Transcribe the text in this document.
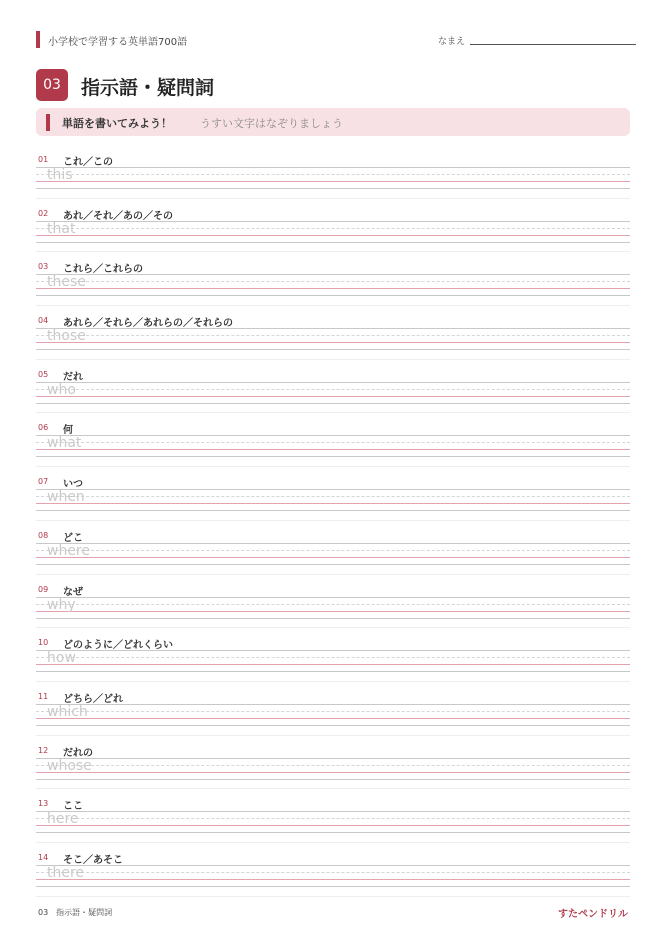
小学校で学習する英単語700語	なまえ
03	指示語・疑問詞
単語を書いてみよう！	うすい文字はなぞりましょう
01 これ／この
this
02 あれ／それ／あの／その
that
03 これら／これらの
these
04 あれら／それら／あれらの／それらの
those
05 だれ
who
06 何
what
07 いつ
when
08 どこ
where
09 なぜ
why
10 どのように／どれくらい
how
11 どちら／どれ
which
12 だれの
whose
13 ここ
here
14 そこ／あそこ
there
03　指示語・疑問詞	すたペンドリル
